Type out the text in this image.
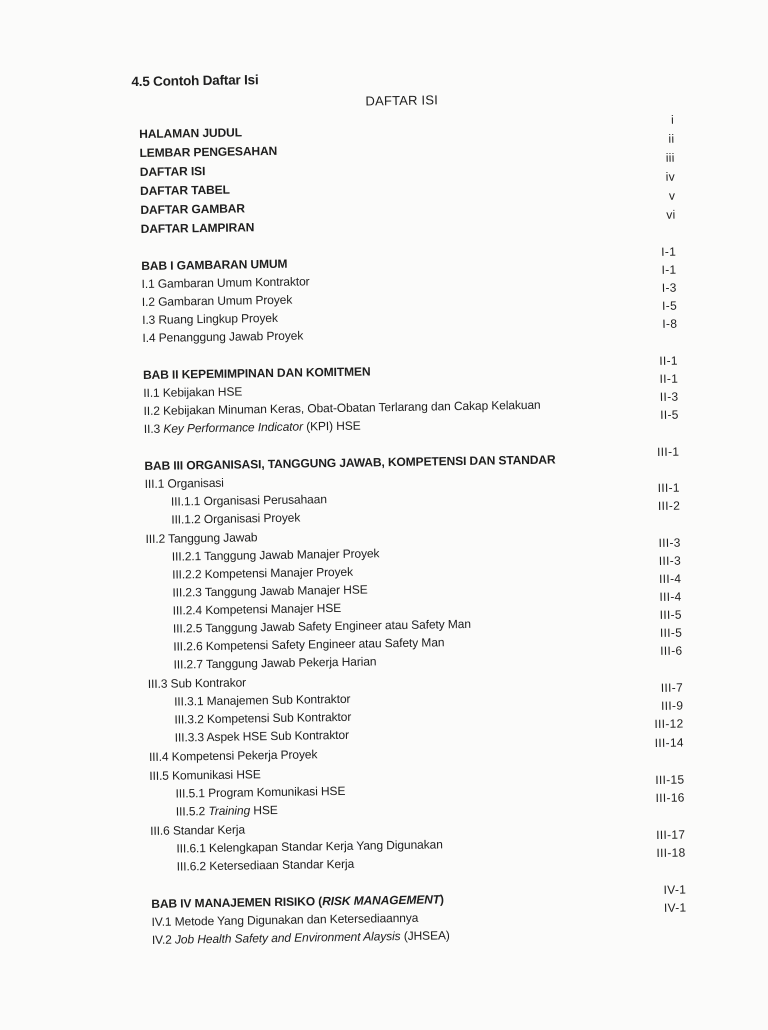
4.5 Contoh Daftar Isi
DAFTAR ISI
HALAMAN JUDUL
i
LEMBAR PENGESAHAN
ii
DAFTAR ISI
iii
DAFTAR TABEL
iv
DAFTAR GAMBAR
v
DAFTAR LAMPIRAN
vi
BAB I GAMBARAN UMUM
I-1
I.1 Gambaran Umum Kontraktor
I-1
I.2 Gambaran Umum Proyek
I-3
I.3 Ruang Lingkup Proyek
I-5
I.4 Penanggung Jawab Proyek
I-8
BAB II KEPEMIMPINAN DAN KOMITMEN
II-1
II.1 Kebijakan HSE
II-1
II.2 Kebijakan Minuman Keras, Obat-Obatan Terlarang dan Cakap Kelakuan
II-3
II.3 Key Performance Indicator (KPI) HSE
II-5
BAB III ORGANISASI, TANGGUNG JAWAB, KOMPETENSI DAN STANDAR
III-1
III.1 Organisasi
III.1.1 Organisasi Perusahaan
III-1
III.1.2 Organisasi Proyek
III-2
III.2 Tanggung Jawab
III.2.1 Tanggung Jawab Manajer Proyek
III-3
III.2.2 Kompetensi Manajer Proyek
III-3
III.2.3 Tanggung Jawab Manajer HSE
III-4
III.2.4 Kompetensi Manajer HSE
III-4
III.2.5 Tanggung Jawab Safety Engineer atau Safety Man
III-5
III.2.6 Kompetensi Safety Engineer atau Safety Man
III-5
III.2.7 Tanggung Jawab Pekerja Harian
III-6
III.3 Sub Kontrakor
III.3.1 Manajemen Sub Kontraktor
III-7
III.3.2 Kompetensi Sub Kontraktor
III-9
III.3.3 Aspek HSE Sub Kontraktor
III-12
III.4 Kompetensi Pekerja Proyek
III-14
III.5 Komunikasi HSE
III.5.1 Program Komunikasi HSE
III-15
III.5.2 Training HSE
III-16
III.6 Standar Kerja
III.6.1 Kelengkapan Standar Kerja Yang Digunakan
III-17
III.6.2 Ketersediaan Standar Kerja
III-18
BAB IV MANAJEMEN RISIKO (RISK MANAGEMENT)
IV-1
IV.1 Metode Yang Digunakan dan Ketersediaannya
IV-1
IV.2 Job Health Safety and Environment Alaysis (JHSEA)
